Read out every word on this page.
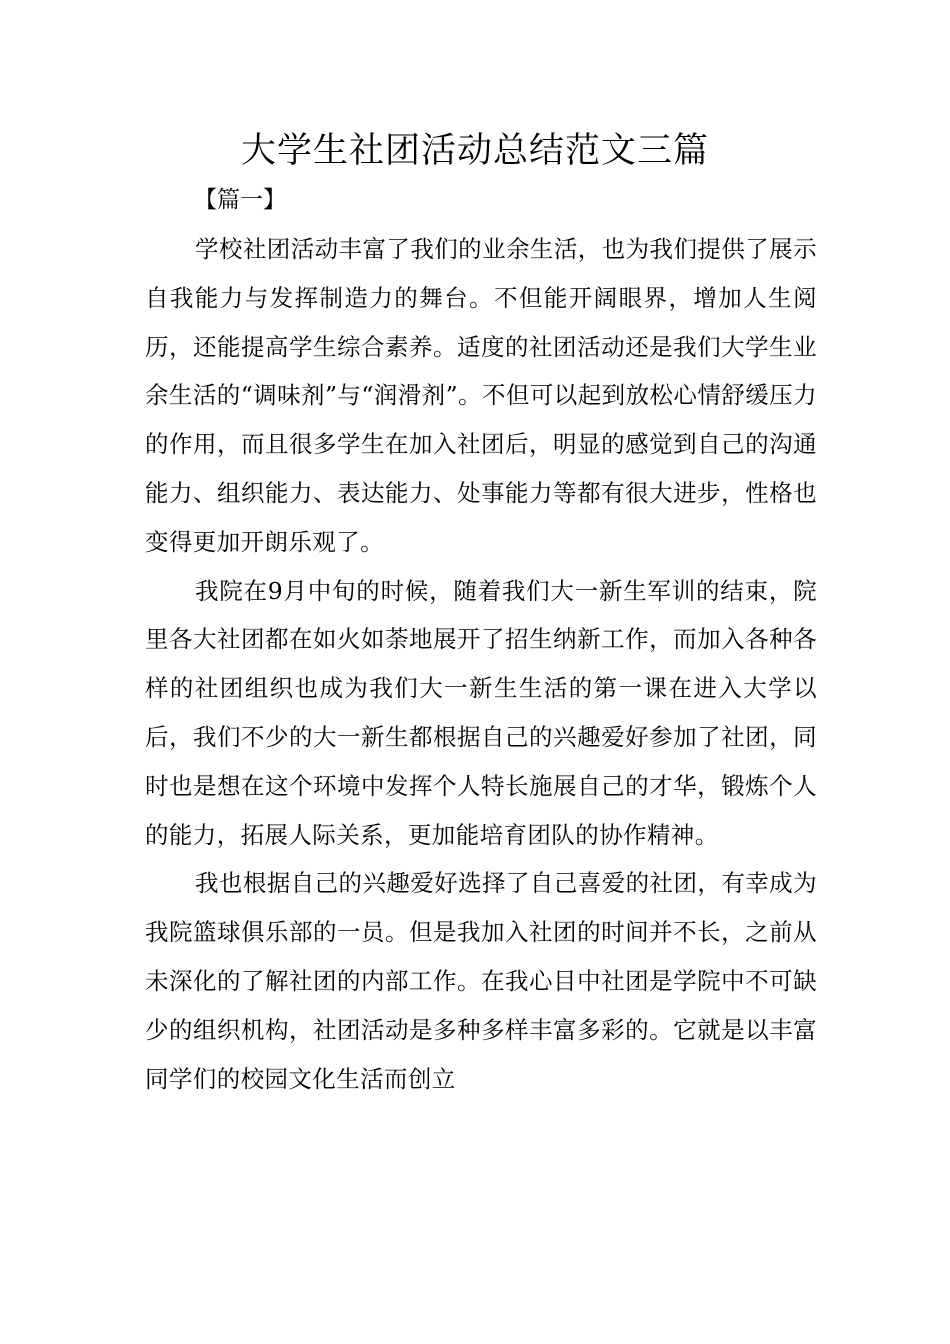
大学生社团活动总结范文三篇
【篇一】

学校社团活动丰富了我们的业余生活，也为我们提供了展示自我能力与发挥制造力的舞台。不但能开阔眼界，增加人生阅历，还能提高学生综合素养。适度的社团活动还是我们大学生业余生活的“调味剂”与“润滑剂”。不但可以起到放松心情舒缓压力的作用，而且很多学生在加入社团后，明显的感觉到自己的沟通能力、组织能力、表达能力、处事能力等都有很大进步，性格也变得更加开朗乐观了。

我院在9月中旬的时候，随着我们大一新生军训的结束，院里各大社团都在如火如荼地展开了招生纳新工作，而加入各种各样的社团组织也成为我们大一新生生活的第一课在进入大学以后，我们不少的大一新生都根据自己的兴趣爱好参加了社团，同时也是想在这个环境中发挥个人特长施展自己的才华，锻炼个人的能力，拓展人际关系，更加能培育团队的协作精神。

我也根据自己的兴趣爱好选择了自己喜爱的社团，有幸成为我院篮球俱乐部的一员。但是我加入社团的时间并不长，之前从未深化的了解社团的内部工作。在我心目中社团是学院中不可缺少的组织机构，社团活动是多种多样丰富多彩的。它就是以丰富同学们的校园文化生活而创立
